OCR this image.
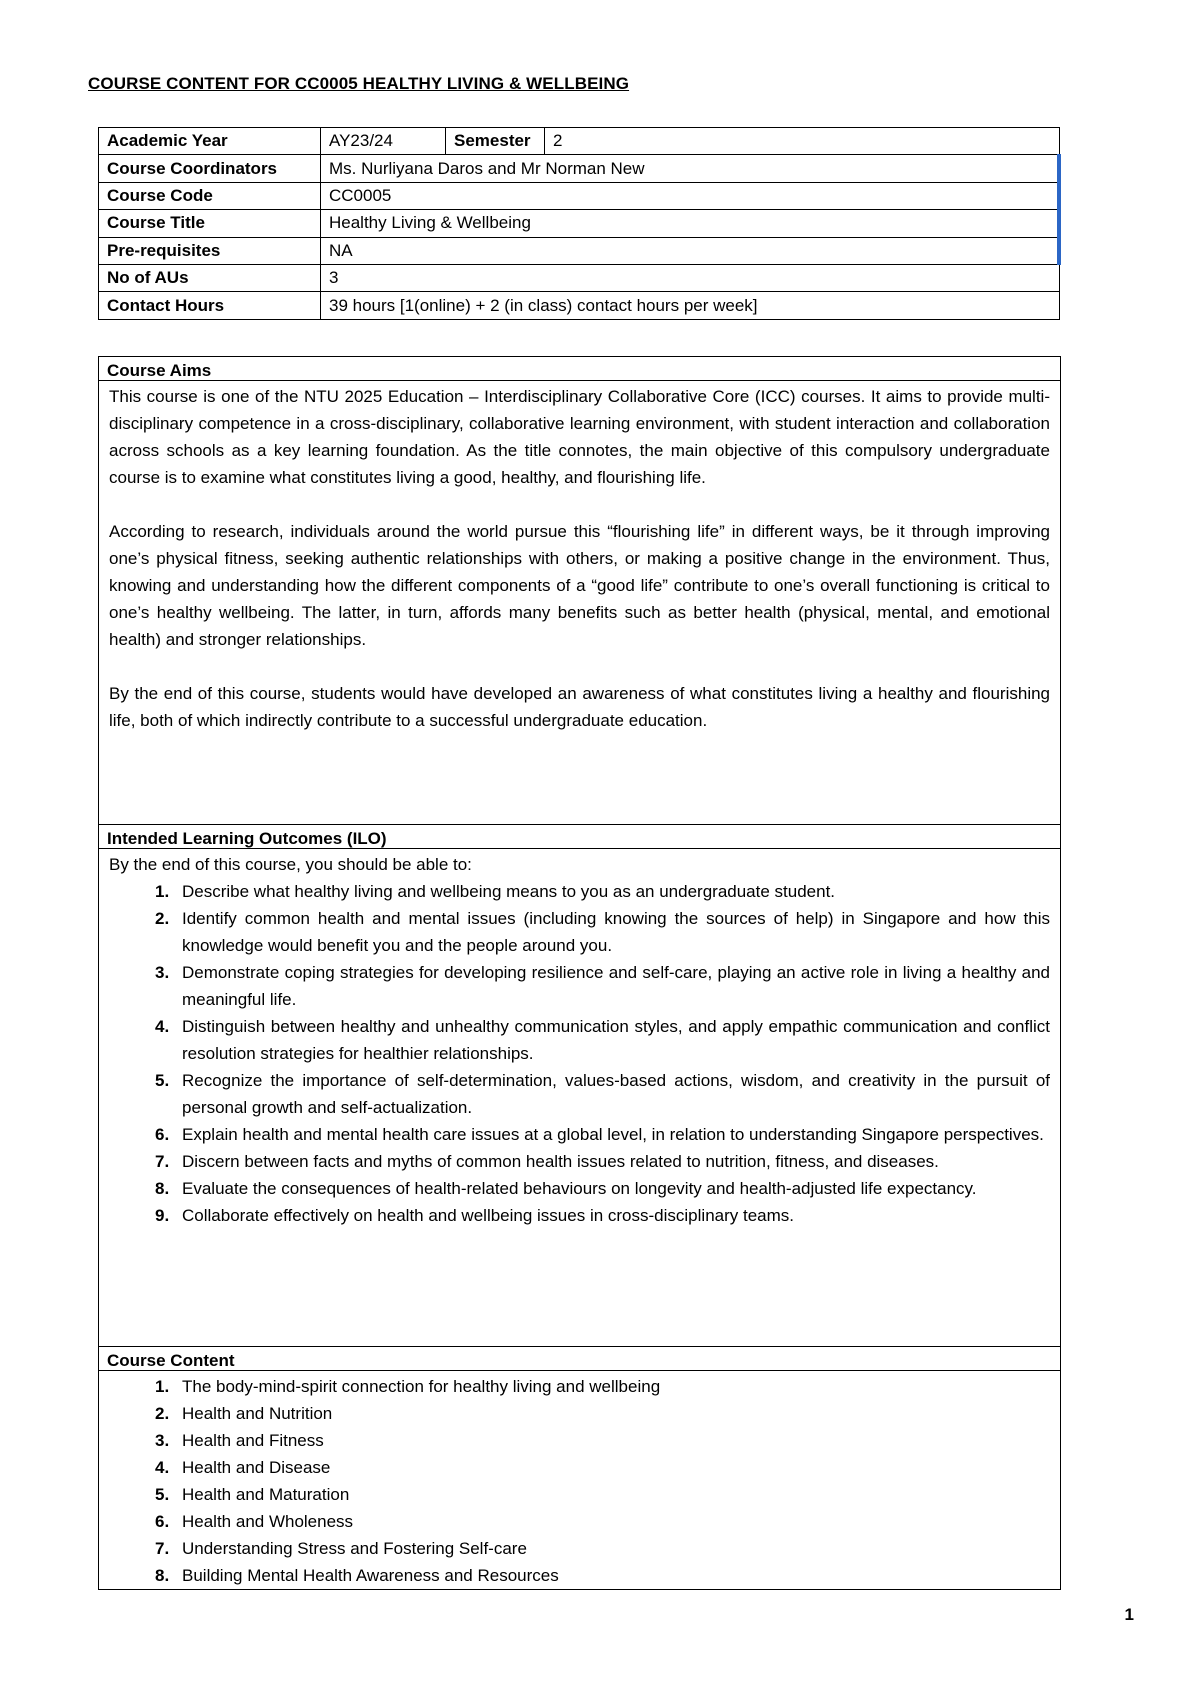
COURSE CONTENT FOR CC0005 HEALTHY LIVING & WELLBEING
Academic Year	AY23/24	Semester	2
Course Coordinators	Ms. Nurliyana Daros and Mr Norman New		
Course Code	CC0005		
Course Title	Healthy Living & Wellbeing		
Pre-requisites	NA		
No of AUs	3		
Contact Hours	39 hours [1(online) + 2 (in class) contact hours per week]		
Course Aims

This course is one of the NTU 2025 Education – Interdisciplinary Collaborative Core (ICC) courses. It aims to provide multi-disciplinary competence in a cross-disciplinary, collaborative learning environment, with student interaction and collaboration across schools as a key learning foundation. As the title connotes, the main objective of this compulsory undergraduate course is to examine what constitutes living a good, healthy, and flourishing life.

According to research, individuals around the world pursue this “flourishing life” in different ways, be it through improving one’s physical fitness, seeking authentic relationships with others, or making a positive change in the environment. Thus, knowing and understanding how the different components of a “good life” contribute to one’s overall functioning is critical to one’s healthy wellbeing. The latter, in turn, affords many benefits such as better health (physical, mental, and emotional health) and stronger relationships.

By the end of this course, students would have developed an awareness of what constitutes living a healthy and flourishing life, both of which indirectly contribute to a successful undergraduate education.

Intended Learning Outcomes (ILO)
By the end of this course, you should be able to:
1. Describe what healthy living and wellbeing means to you as an undergraduate student.
2. Identify common health and mental issues (including knowing the sources of help) in Singapore and how this knowledge would benefit you and the people around you.
3. Demonstrate coping strategies for developing resilience and self-care, playing an active role in living a healthy and meaningful life.
4. Distinguish between healthy and unhealthy communication styles, and apply empathic communication and conflict resolution strategies for healthier relationships.
5. Recognize the importance of self-determination, values-based actions, wisdom, and creativity in the pursuit of personal growth and self-actualization.
6. Explain health and mental health care issues at a global level, in relation to understanding Singapore perspectives.
7. Discern between facts and myths of common health issues related to nutrition, fitness, and diseases.
8. Evaluate the consequences of health-related behaviours on longevity and health-adjusted life expectancy.
9. Collaborate effectively on health and wellbeing issues in cross-disciplinary teams.
Course Content
1. The body-mind-spirit connection for healthy living and wellbeing
2. Health and Nutrition
3. Health and Fitness
4. Health and Disease
5. Health and Maturation
6. Health and Wholeness
7. Understanding Stress and Fostering Self-care
8. Building Mental Health Awareness and Resources
1
